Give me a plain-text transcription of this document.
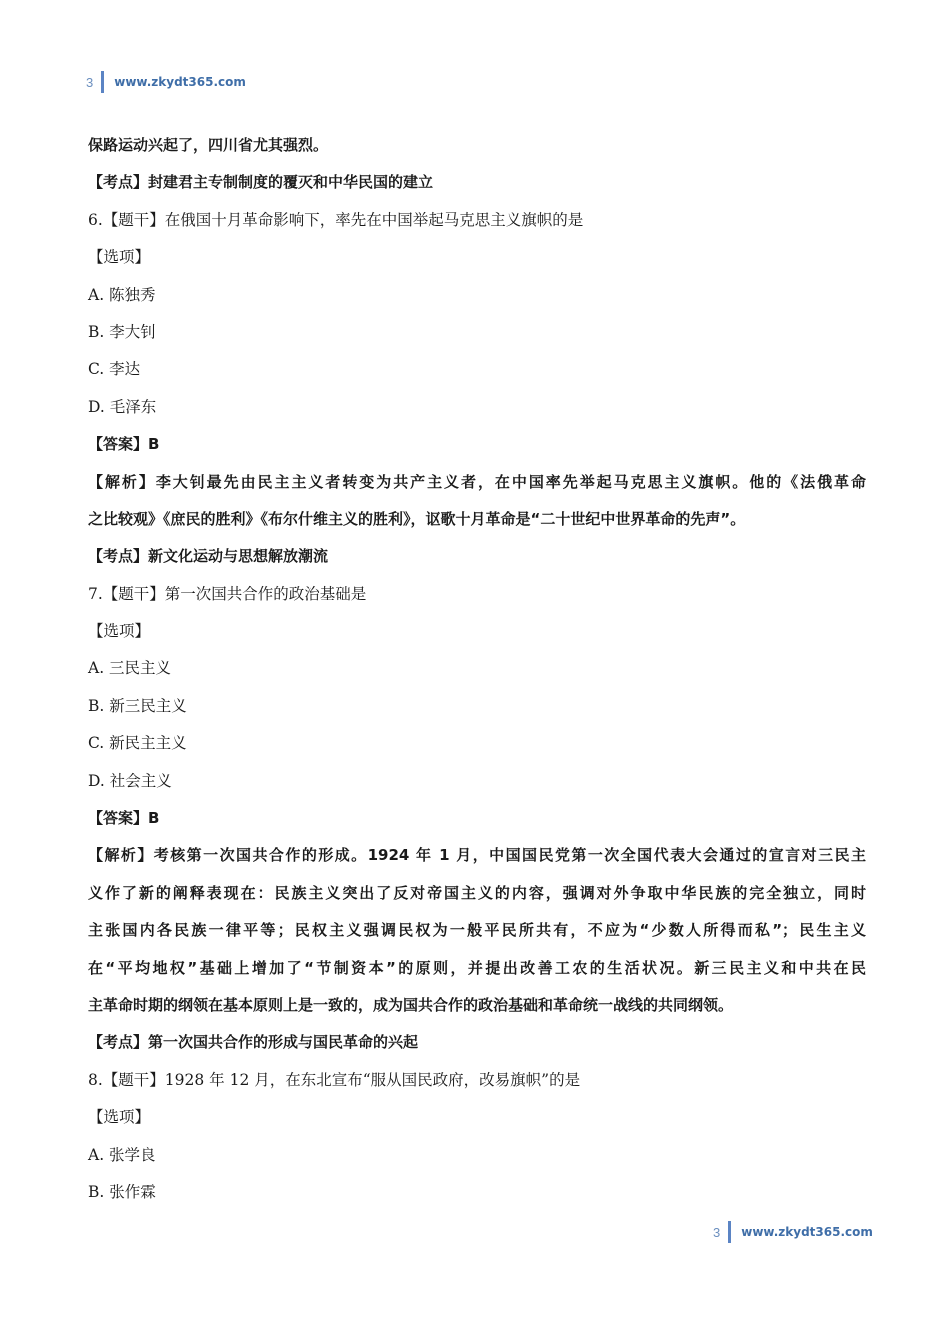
3 www.zkydt365.com
保路运动兴起了，四川省尤其强烈。
【考点】封建君主专制制度的覆灭和中华民国的建立
6.【题干】在俄国十月革命影响下，率先在中国举起马克思主义旗帜的是
【选项】
A. 陈独秀
B. 李大钊
C. 李达
D. 毛泽东
【答案】B
【解析】李大钊最先由民主主义者转变为共产主义者，在中国率先举起马克思主义旗帜。他的《法俄革命
之比较观》《庶民的胜利》《布尔什维主义的胜利》，讴歌十月革命是“二十世纪中世界革命的先声”。
【考点】新文化运动与思想解放潮流
7.【题干】第一次国共合作的政治基础是
【选项】
A. 三民主义
B. 新三民主义
C. 新民主主义
D. 社会主义
【答案】B
【解析】考核第一次国共合作的形成。1924 年 1 月，中国国民党第一次全国代表大会通过的宣言对三民主
义作了新的阐释表现在：民族主义突出了反对帝国主义的内容，强调对外争取中华民族的完全独立，同时
主张国内各民族一律平等；民权主义强调民权为一般平民所共有，不应为“少数人所得而私”；民生主义
在“平均地权”基础上增加了“节制资本”的原则，并提出改善工农的生活状况。新三民主义和中共在民
主革命时期的纲领在基本原则上是一致的，成为国共合作的政治基础和革命统一战线的共同纲领。
【考点】第一次国共合作的形成与国民革命的兴起
8.【题干】1928 年 12 月，在东北宣布“服从国民政府，改易旗帜”的是
【选项】
A. 张学良
B. 张作霖
3 www.zkydt365.com
